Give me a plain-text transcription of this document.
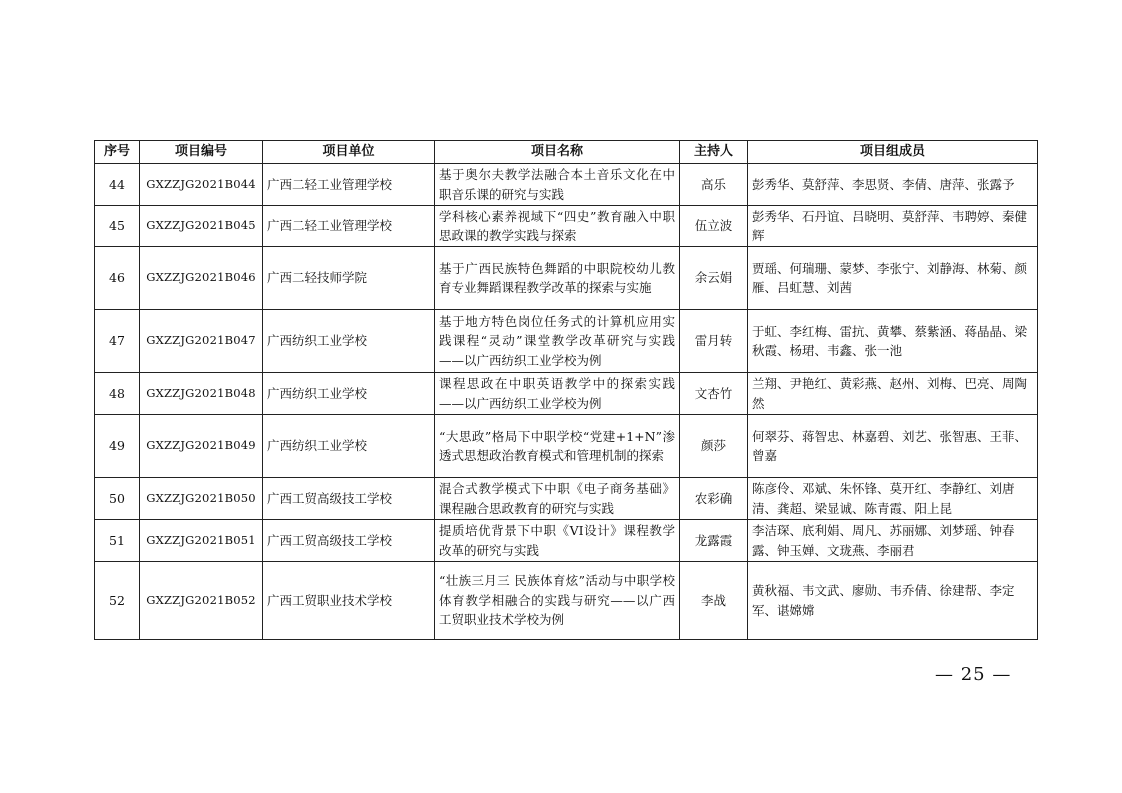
序号	项目编号	项目单位	项目名称	主持人	项目组成员
44	GXZZJG2021B044	广西二轻工业管理学校	基于奥尔夫教学法融合本土音乐文化在中职音乐课的研究与实践	高乐	彭秀华、莫舒萍、李思贤、李倩、唐萍、张露予
45	GXZZJG2021B045	广西二轻工业管理学校	学科核心素养视域下“四史”教育融入中职思政课的教学实践与探索	伍立波	彭秀华、石丹谊、吕晓明、莫舒萍、韦聘婷、秦健辉
46	GXZZJG2021B046	广西二轻技师学院	基于广西民族特色舞蹈的中职院校幼儿教育专业舞蹈课程教学改革的探索与实施	余云娟	贾瑶、何瑞珊、蒙梦、李张宁、刘静海、林菊、颜雁、吕虹慧、刘茜
47	GXZZJG2021B047	广西纺织工业学校	基于地方特色岗位任务式的计算机应用实践课程“灵动”课堂教学改革研究与实践——以广西纺织工业学校为例	雷月转	于虹、李红梅、雷抗、黄攀、蔡紫涵、蒋晶晶、梁秋霞、杨珺、韦鑫、张一池
48	GXZZJG2021B048	广西纺织工业学校	课程思政在中职英语教学中的探索实践——以广西纺织工业学校为例	文杏竹	兰翔、尹艳红、黄彩燕、赵州、刘梅、巴亮、周陶然
49	GXZZJG2021B049	广西纺织工业学校	“大思政”格局下中职学校“党建+1+N”渗透式思想政治教育模式和管理机制的探索	颜莎	何翠芬、蒋智忠、林嘉碧、刘艺、张智惠、王菲、曾嘉
50	GXZZJG2021B050	广西工贸高级技工学校	混合式教学模式下中职《电子商务基础》课程融合思政教育的研究与实践	农彩确	陈彦伶、邓斌、朱怀锋、莫开红、李静红、刘唐清、龚超、梁显诚、陈青霞、阳上昆
51	GXZZJG2021B051	广西工贸高级技工学校	提质培优背景下中职《VI设计》课程教学改革的研究与实践	龙露霞	李洁琛、底利娟、周凡、苏丽娜、刘梦瑶、钟春露、钟玉婵、文珑燕、李丽君
52	GXZZJG2021B052	广西工贸职业技术学校	“壮族三月三 民族体育炫”活动与中职学校体育教学相融合的实践与研究——以广西工贸职业技术学校为例	李战	黄秋福、韦文武、廖勋、韦乔倩、徐建帮、李定军、谌嫦嫦
— 25 —
